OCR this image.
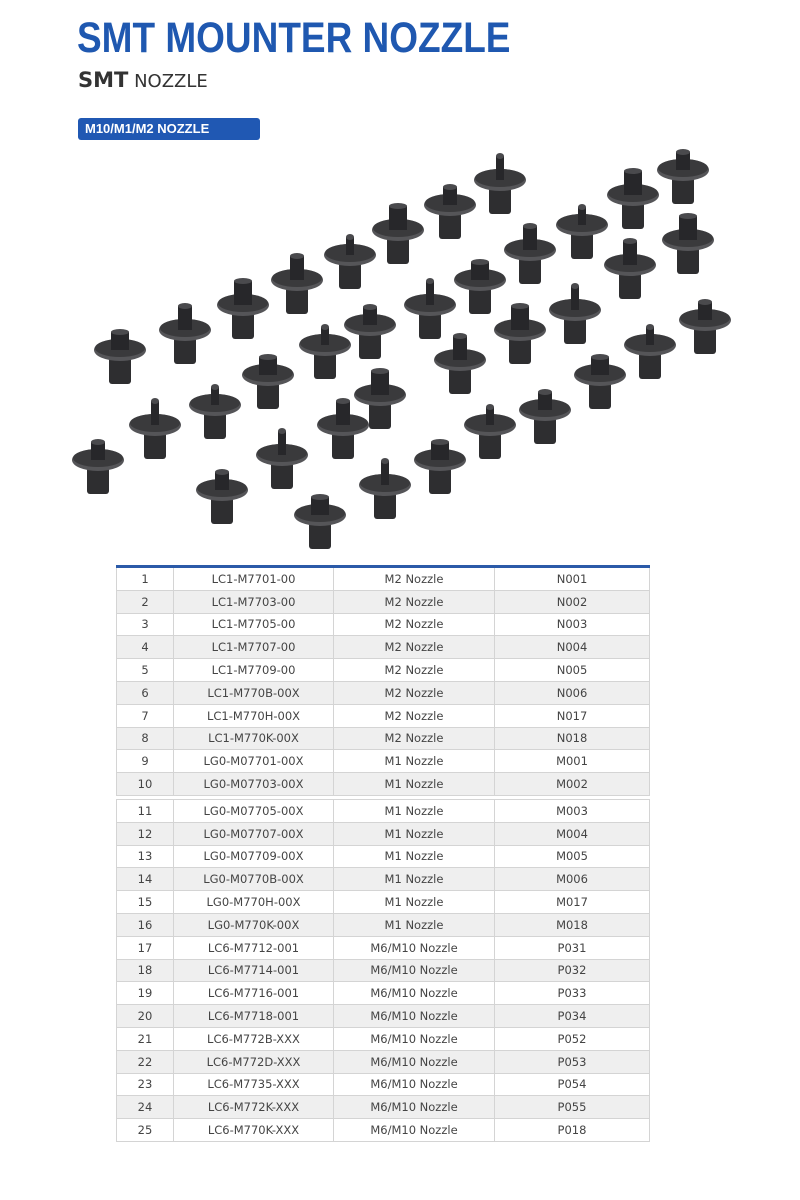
SMT MOUNTER NOZZLE
SMT NOZZLE
M10/M1/M2 NOZZLE
1	LC1-M7701-00	M2 Nozzle	N001
2	LC1-M7703-00	M2 Nozzle	N002
3	LC1-M7705-00	M2 Nozzle	N003
4	LC1-M7707-00	M2 Nozzle	N004
5	LC1-M7709-00	M2 Nozzle	N005
6	LC1-M770B-00X	M2 Nozzle	N006
7	LC1-M770H-00X	M2 Nozzle	N017
8	LC1-M770K-00X	M2 Nozzle	N018
9	LG0-M07701-00X	M1 Nozzle	M001
10	LG0-M07703-00X	M1 Nozzle	M002
11	LG0-M07705-00X	M1 Nozzle	M003
12	LG0-M07707-00X	M1 Nozzle	M004
13	LG0-M07709-00X	M1 Nozzle	M005
14	LG0-M0770B-00X	M1 Nozzle	M006
15	LG0-M770H-00X	M1 Nozzle	M017
16	LG0-M770K-00X	M1 Nozzle	M018
17	LC6-M7712-001	M6/M10 Nozzle	P031
18	LC6-M7714-001	M6/M10 Nozzle	P032
19	LC6-M7716-001	M6/M10 Nozzle	P033
20	LC6-M7718-001	M6/M10 Nozzle	P034
21	LC6-M772B-XXX	M6/M10 Nozzle	P052
22	LC6-M772D-XXX	M6/M10 Nozzle	P053
23	LC6-M7735-XXX	M6/M10 Nozzle	P054
24	LC6-M772K-XXX	M6/M10 Nozzle	P055
25	LC6-M770K-XXX	M6/M10 Nozzle	P018
